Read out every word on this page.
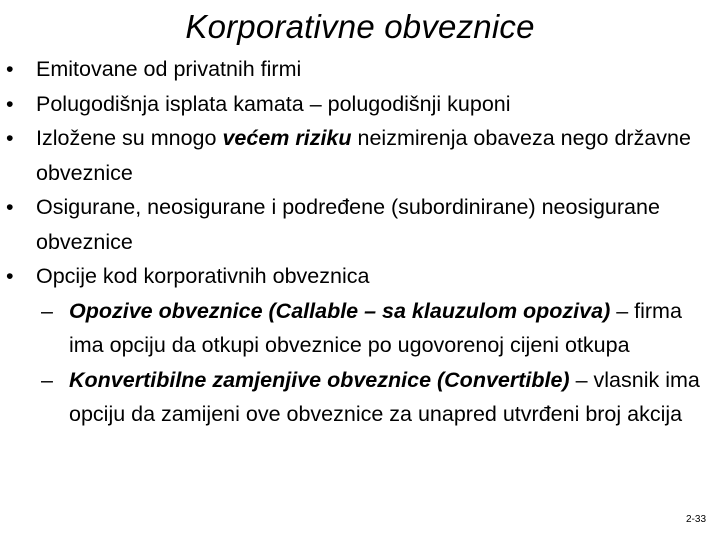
Korporativne obveznice
•	Emitovane od privatnih firmi
•	Polugodišnja isplata kamata – polugodišnji kuponi
•	Izložene su mnogo većem riziku neizmirenja obaveza nego državne obveznice
•	Osigurane, neosigurane i podređene (subordinirane) neosigurane obveznice
•	Opcije kod korporativnih obveznica
– Opozive obveznice (Callable – sa klauzulom opoziva) – firma ima opciju da otkupi obveznice po ugovorenoj cijeni otkupa
– Konvertibilne zamjenjive obveznice (Convertible) – vlasnik ima opciju da zamijeni ove obveznice za unapred utvrđeni broj akcija
2-33
